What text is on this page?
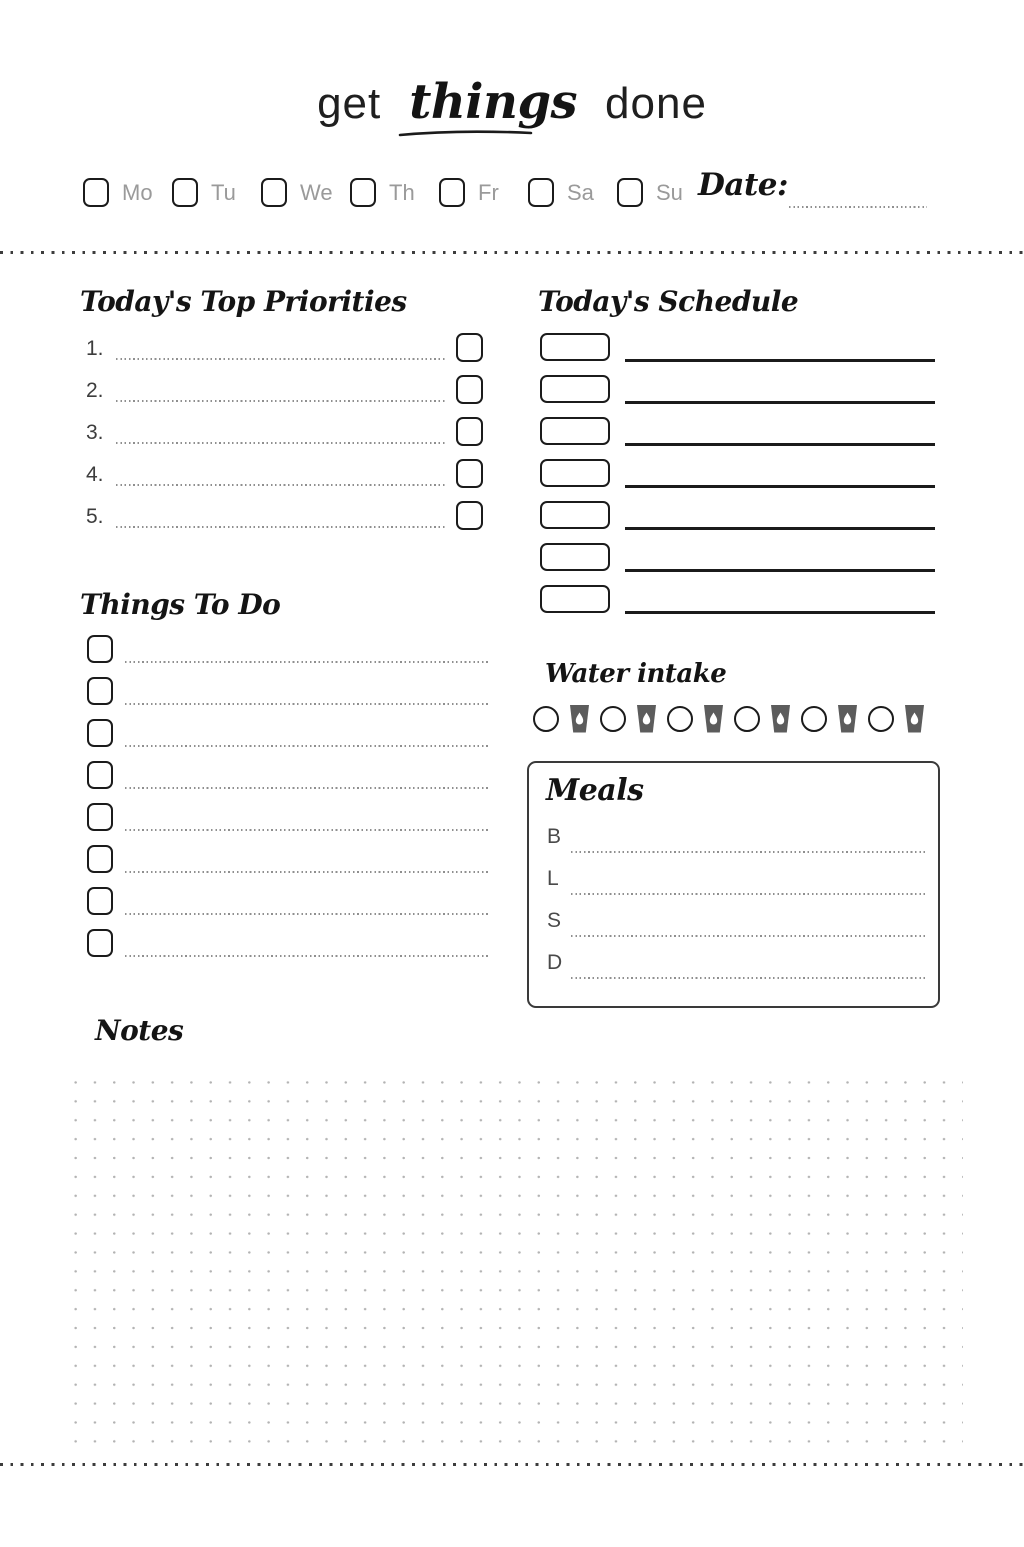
get things done
Mo	Tu	We	Th	Fr	Sa	Su Date:
Today's Top Priorities
1.
2.
3.
4.
5.
Today's Schedule
Things To Do
Water intake
Meals
B
L
S
D
Notes
